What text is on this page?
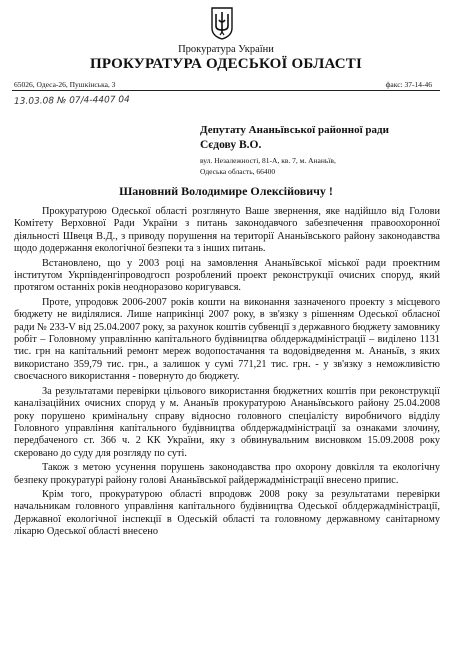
Прокуратура України
ПРОКУРАТУРА ОДЕСЬКОЇ ОБЛАСТІ
65026, Одеса-26, Пушкінська, 3	факс: 37-14-46
13.03.08 № 07/4-4407 04
Депутату Ананьївської районної ради
Сєдову В.О.
вул. Незалежності, 81-А, кв. 7, м. Ананьїв,
Одеська область, 66400
Шановний Володимире Олексійовичу !

Прокуратурою Одеської області розглянуто Ваше звернення, яке надійшло від Голови Комітету Верховної Ради України з питань законодавчого забезпечення правоохоронної діяльності Швеця В.Д., з приводу порушення на території Ананьївського району законодавства щодо додержання екологічної безпеки та з інших питань.

Встановлено, що у 2003 році на замовлення Ананьївської міської ради проектним інститутом Укрпівденгіпроводгосп розроблений проект реконструкції очисних споруд, який протягом останніх років неодноразово коригувався.

Проте, упродовж 2006-2007 років кошти на виконання зазначеного проекту з місцевого бюджету не виділялися. Лише наприкінці 2007 року, в зв'язку з рішенням Одеської обласної ради № 233-V від 25.04.2007 року, за рахунок коштів субвенції з державного бюджету замовнику робіт – Головному управлінню капітального будівництва облдержадміністрації – виділено 1131 тис. грн на капітальний ремонт мереж водопостачання та водовідведення м. Ананьїв, з яких використано 359,79 тис. грн., а залишок у сумі 771,21 тис. грн. - у зв'язку з неможливістю своєчасного використання - повернуто до бюджету.

За результатами перевірки цільового використання бюджетних коштів при реконструкції каналізаційних очисних споруд у м. Ананьїв прокуратурою Ананьївського району 25.04.2008 року порушено кримінальну справу відносно головного спеціалісту виробничого відділу Головного управління капітального будівництва облдержадміністрації за ознаками злочину, передбаченого ст. 366 ч. 2 КК України, яку з обвинувальним висновком 15.09.2008 року скеровано до суду для розгляду по суті.

Також з метою усунення порушень законодавства про охорону довкілля та екологічну безпеку прокуратурі району голові Ананьївської райдержадміністрації внесено припис.

Крім того, прокуратурою області впродовж 2008 року за результатами перевірки начальникам головного управління капітального будівництва Одеської облдержадміністрації, Державної екологічної інспекції в Одеській області та головному державному санітарному лікарю Одеської області внесено
